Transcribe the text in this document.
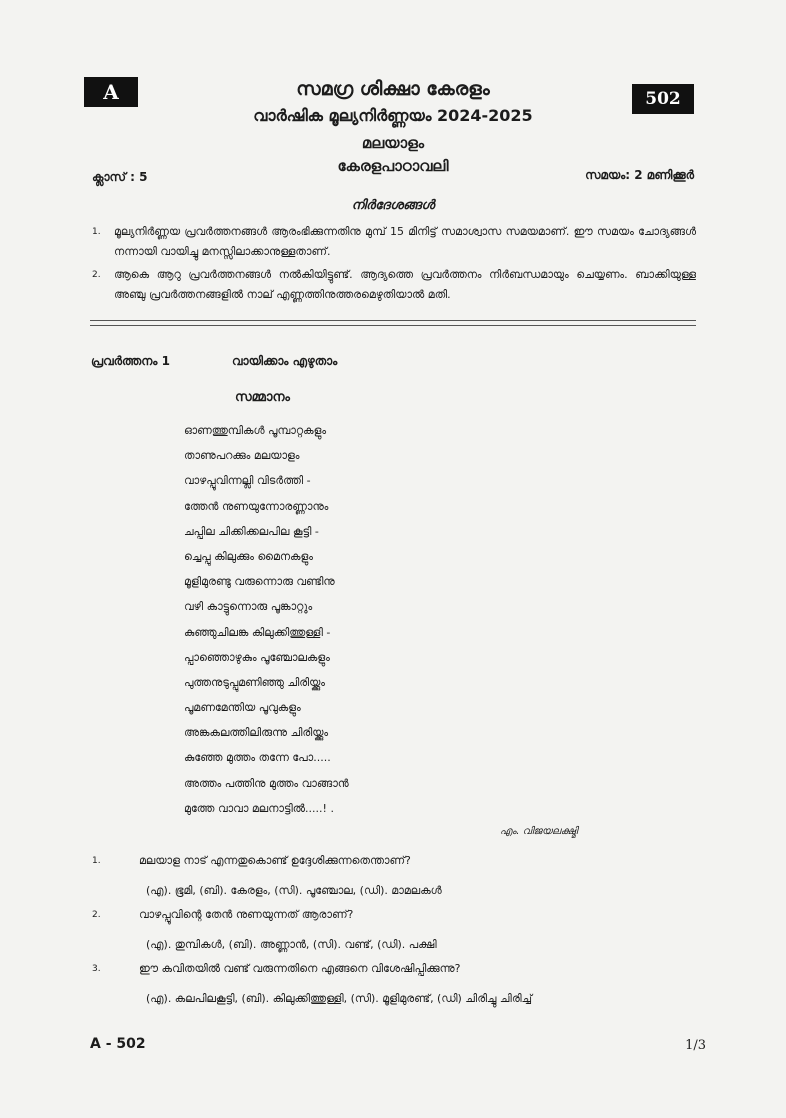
A	502
സമഗ്ര ശിക്ഷാ കേരളം
വാർഷിക മൂല്യനിർണ്ണയം 2024-2025
മലയാളം
കേരളപാഠാവലി
ക്ലാസ് : 5	സമയം: 2 മണിക്കൂർ
നിർദേശങ്ങൾ
1. മൂല്യനിർണ്ണയ പ്രവർത്തനങ്ങൾ ആരംഭിക്കുന്നതിനു മുമ്പ് 15 മിനിട്ട് സമാശ്വാസ സമയമാണ്. ഈ സമയം ചോദ്യങ്ങൾ നന്നായി വായിച്ചു മനസ്സിലാക്കാനുള്ളതാണ്.
2. ആകെ ആറു പ്രവർത്തനങ്ങൾ നൽകിയിട്ടുണ്ട്. ആദ്യത്തെ പ്രവർത്തനം നിർബന്ധമായും ചെയ്യണം. ബാക്കിയുള്ള അഞ്ചു പ്രവർത്തനങ്ങളിൽ നാല് എണ്ണത്തിനുത്തരമെഴുതിയാൽ മതി.
പ്രവർത്തനം 1	വായിക്കാം എഴുതാം
സമ്മാനം
ഓണത്തുമ്പികൾ പൂമ്പാറ്റകളും
താണുപറക്കും മലയാളം
വാഴപ്പൂവിന്നല്ലി വിടർത്തി -
ത്തേൻ നുണയുന്നോരണ്ണാനും
ചപ്പില ചിക്കിക്കലപില കൂട്ടി -
ച്ചെപ്പു കിലുക്കും മൈനകളും
മൂളിമുരണ്ടു വരുന്നൊരു വണ്ടിനു
വഴി കാട്ടുന്നൊരു പൂങ്കാറ്റും
കുഞ്ഞുചിലങ്ക കിലുക്കിത്തുള്ളി -
പ്പാഞ്ഞൊഴുകും പൂഞ്ചോലകളും
പുത്തനുടുപ്പുമണിഞ്ഞു ചിരിയ്ക്കും
പൂമണമേന്തിയ പൂവുകളും
അങ്കകലത്തിലിരുന്നു ചിരിയ്ക്കും
കുഞ്ഞേ മുത്തം തന്നേ പോ.....
അത്തം പത്തിനു മുത്തം വാങ്ങാൻ
മുത്തേ വാവാ മലനാട്ടിൽ.....! .
എം. വിജയലക്ഷ്മി
1.	മലയാള നാട് എന്നതുകൊണ്ട് ഉദ്ദേശിക്കുന്നതെന്താണ്?
(എ). ഭൂമി, (ബി). കേരളം, (സി). പൂഞ്ചോല, (ഡി). മാമലകൾ
2.	വാഴപ്പൂവിന്റെ തേൻ നുണയുന്നത് ആരാണ്?
(എ). തുമ്പികൾ, (ബി). അണ്ണാൻ, (സി). വണ്ട്, (ഡി). പക്ഷി
3.	ഈ കവിതയിൽ വണ്ട് വരുന്നതിനെ എങ്ങനെ വിശേഷിപ്പിക്കുന്നു?
(എ). കലപിലകൂട്ടി, (ബി). കിലുക്കിത്തുള്ളി, (സി). മൂളിമുരണ്ട്, (ഡി) ചിരിച്ചു ചിരിച്ച്
A - 502	1/3
